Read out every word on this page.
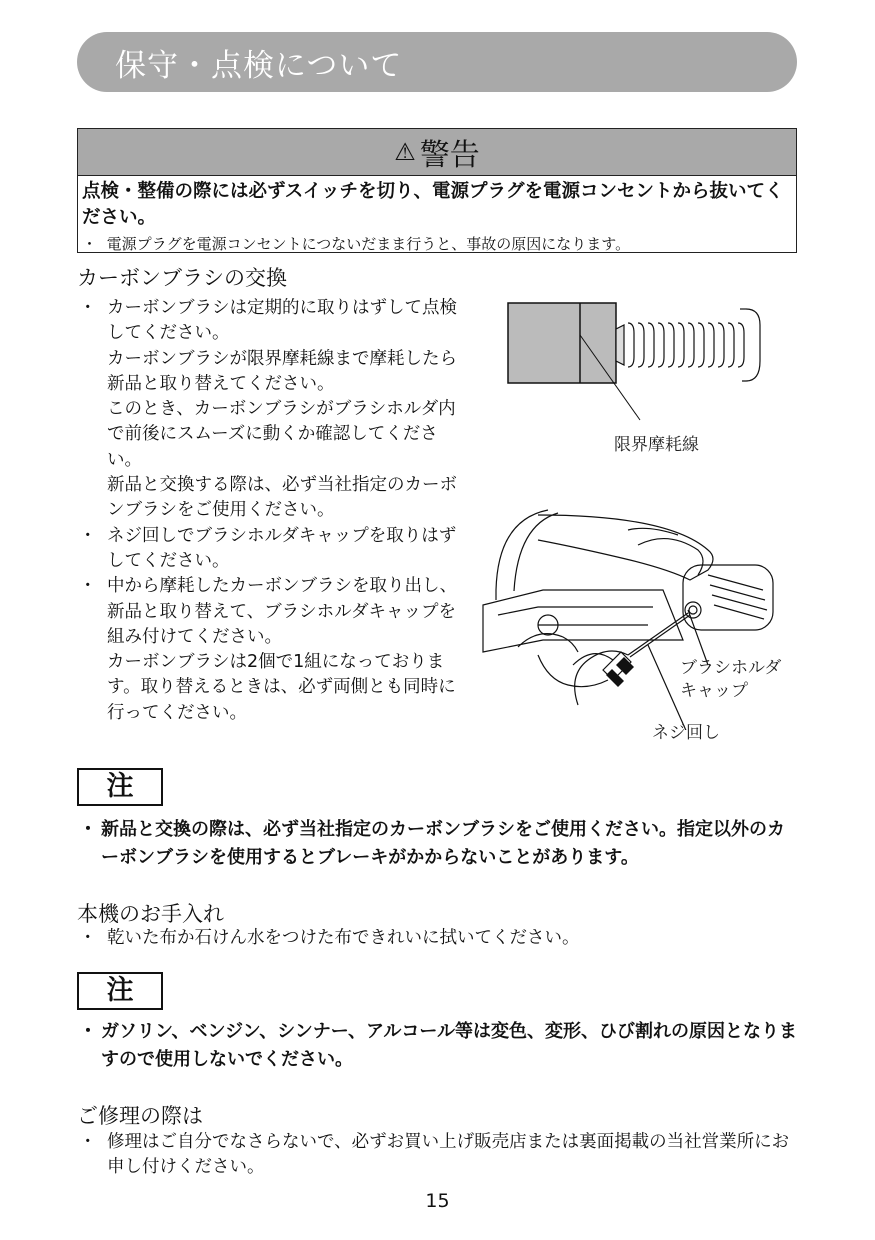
保守・点検について
⚠ 警告
点検・整備の際には必ずスイッチを切り、電源プラグを電源コンセントから抜いてください。
・ 電源プラグを電源コンセントにつないだまま行うと、事故の原因になります。
カーボンブラシの交換
・ カーボンブラシは定期的に取りはずして点検してください。

カーボンブラシが限界摩耗線まで摩耗したら新品と取り替えてください。

このとき、カーボンブラシがブラシホルダ内で前後にスムーズに動くか確認してください。

新品と交換する際は、必ず当社指定のカーボンブラシをご使用ください。

・ ネジ回しでブラシホルダキャップを取りはずしてください。

・ 中から摩耗したカーボンブラシを取り出し、新品と取り替えて、ブラシホルダキャップを組み付けてください。

カーボンブラシは2個で1組になっております。取り替えるときは、必ず両側とも同時に行ってください。

限界摩耗線
ブラシホルダ
キャップ
ネジ回し
注
・ 新品と交換の際は、必ず当社指定のカーボンブラシをご使用ください。指定以外のカーボンブラシを使用するとブレーキがかからないことがあります。
本機のお手入れ
・ 乾いた布か石けん水をつけた布できれいに拭いてください。
注
・ ガソリン、ベンジン、シンナー、アルコール等は変色、変形、ひび割れの原因となりますので使用しないでください。
ご修理の際は
・ 修理はご自分でなさらないで、必ずお買い上げ販売店または裏面掲載の当社営業所にお申し付けください。
15
